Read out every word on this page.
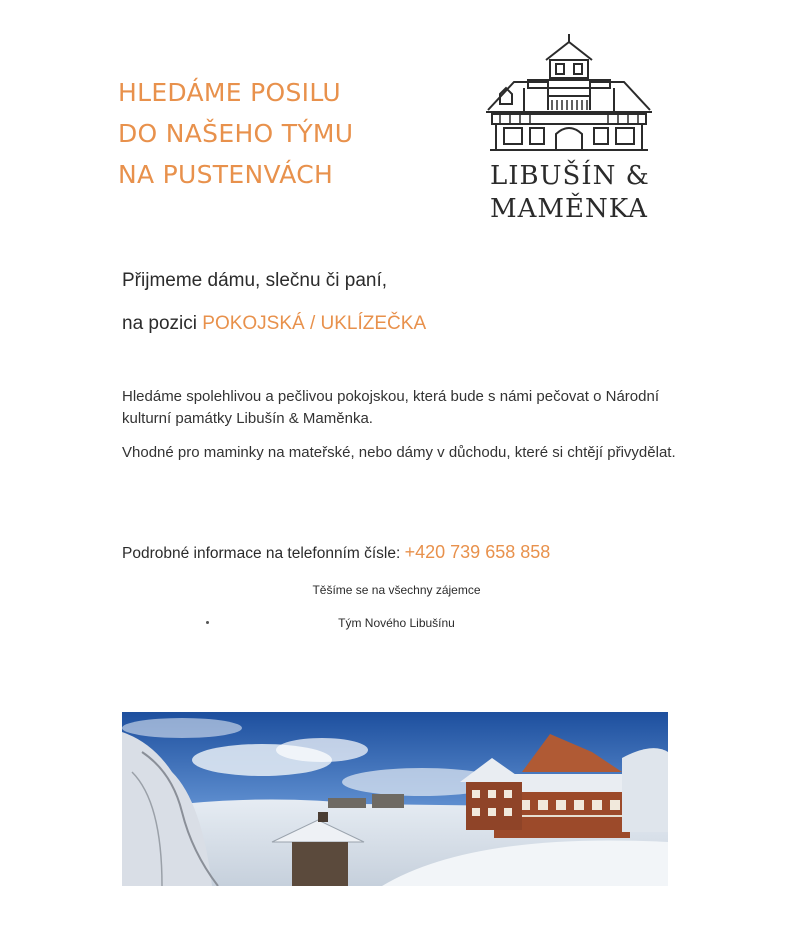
HLEDÁME POSILU
DO NAŠEHO TÝMU
NA PUSTENVÁCH	LIBUŠÍN &
MAMĚNKA
Přijmeme dámu, slečnu či paní,
na pozici POKOJSKÁ / UKLÍZEČKA

Hledáme spolehlivou a pečlivou pokojskou, která bude s námi pečovat o Národní kulturní památky Libušín & Maměnka.

Vhodné pro maminky na mateřské, nebo dámy v důchodu, které si chtějí přivydělat.

Podrobné informace na telefonním čísle: +420 739 658 858
Těšíme se na všechny zájemce
Tým Nového Libušínu
